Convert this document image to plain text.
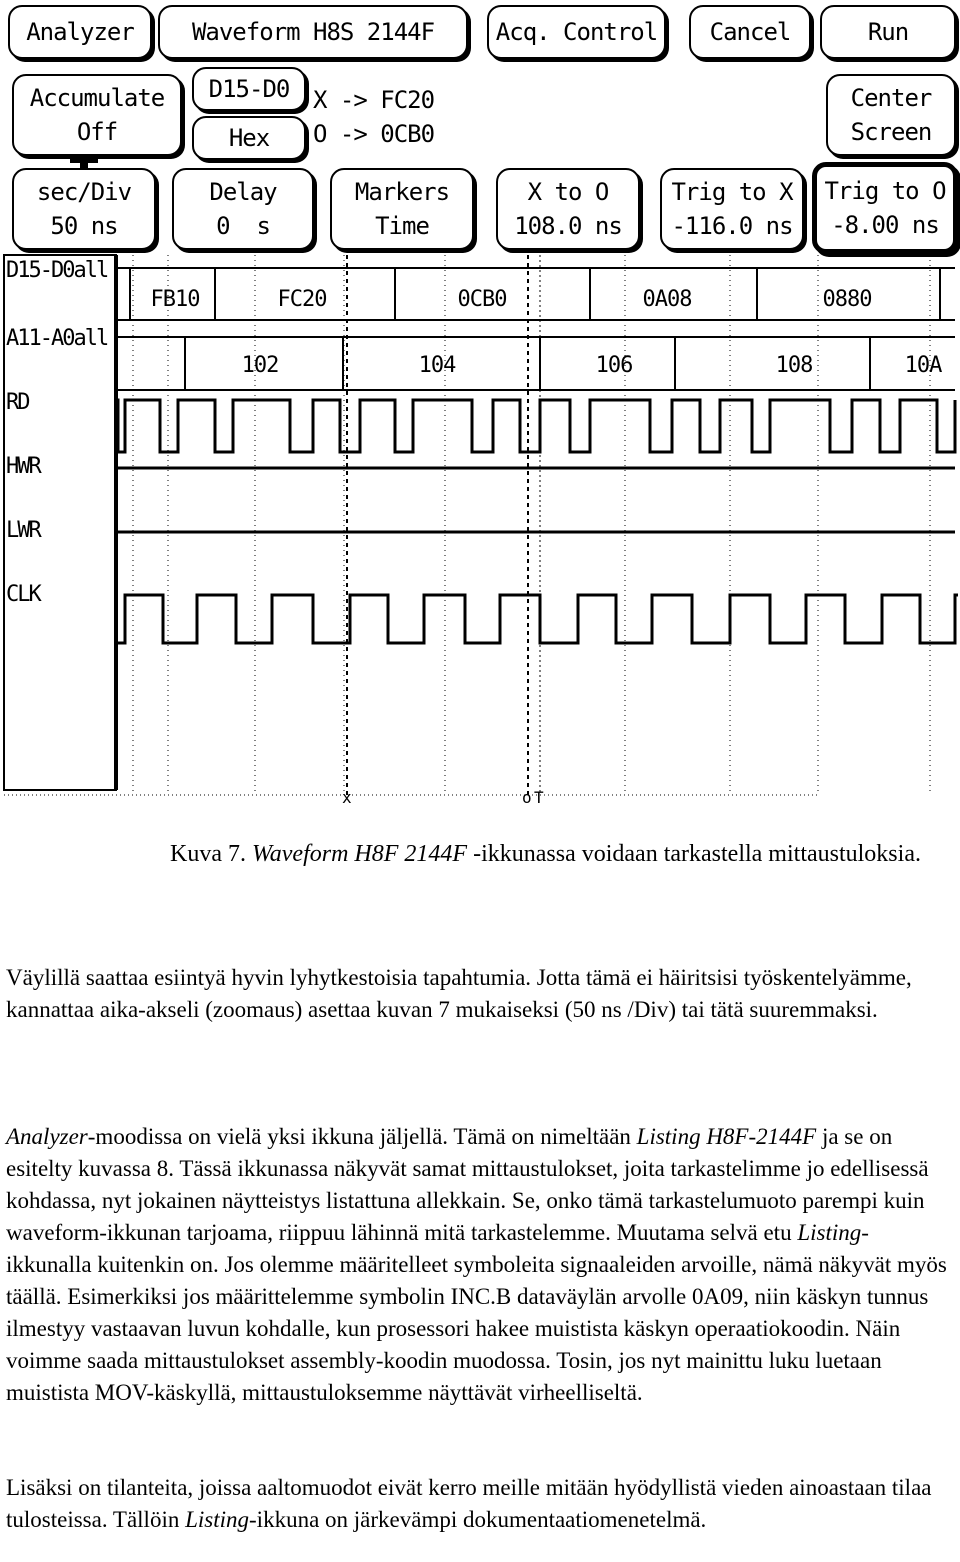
Analyzer Waveform H8S 2144F	Acq. Control Cancel	Run
Accumulate
Off
D15-D0
Hex
X -> FC20
O -> 0CB0
Center
Screen
sec/Div
50 ns
Delay
0  s
Markers
Time
X to O
108.0 ns
Trig to X
-116.0 ns
Trig to O
-8.00 ns
FB10	FC20	0CB0	0A08	0880
102	104	106	108	10A
x	o T
D15-D0all
A11-A0all
RD
HWR
LWR
CLK
Kuva 7. Waveform H8F 2144F -ikkunassa voidaan tarkastella mittaustuloksia.
Väylillä saattaa esiintyä hyvin lyhytkestoisia tapahtumia. Jotta tämä ei häiritsisi työskentelyämme, kannattaa aika-akseli (zoomaus) asettaa kuvan 7 mukaiseksi (50 ns /Div) tai tätä suuremmaksi.
Analyzer-moodissa on vielä yksi ikkuna jäljellä. Tämä on nimeltään Listing H8F-2144F ja se on esitelty kuvassa 8. Tässä ikkunassa näkyvät samat mittaustulokset, joita tarkastelimme jo edellisessä kohdassa, nyt jokainen näytteistys listattuna allekkain. Se, onko tämä tarkastelumuoto parempi kuin waveform-ikkunan tarjoama, riippuu lähinnä mitä tarkastelemme. Muutama selvä etu Listing-ikkunalla kuitenkin on. Jos olemme määritelleet symboleita signaaleiden arvoille, nämä näkyvät myös täällä. Esimerkiksi jos määrittelemme symbolin INC.B dataväylän arvolle 0A09, niin käskyn tunnus ilmestyy vastaavan luvun kohdalle, kun prosessori hakee muistista käskyn operaatiokoodin. Näin voimme saada mittaustulokset assembly-koodin muodossa. Tosin, jos nyt mainittu luku luetaan muistista MOV-käskyllä, mittaustuloksemme näyttävät virheelliseltä.
Lisäksi on tilanteita, joissa aaltomuodot eivät kerro meille mitään hyödyllistä vieden ainoastaan tilaa tulosteissa. Tällöin Listing-ikkuna on järkevämpi dokumentaatiomenetelmä.
